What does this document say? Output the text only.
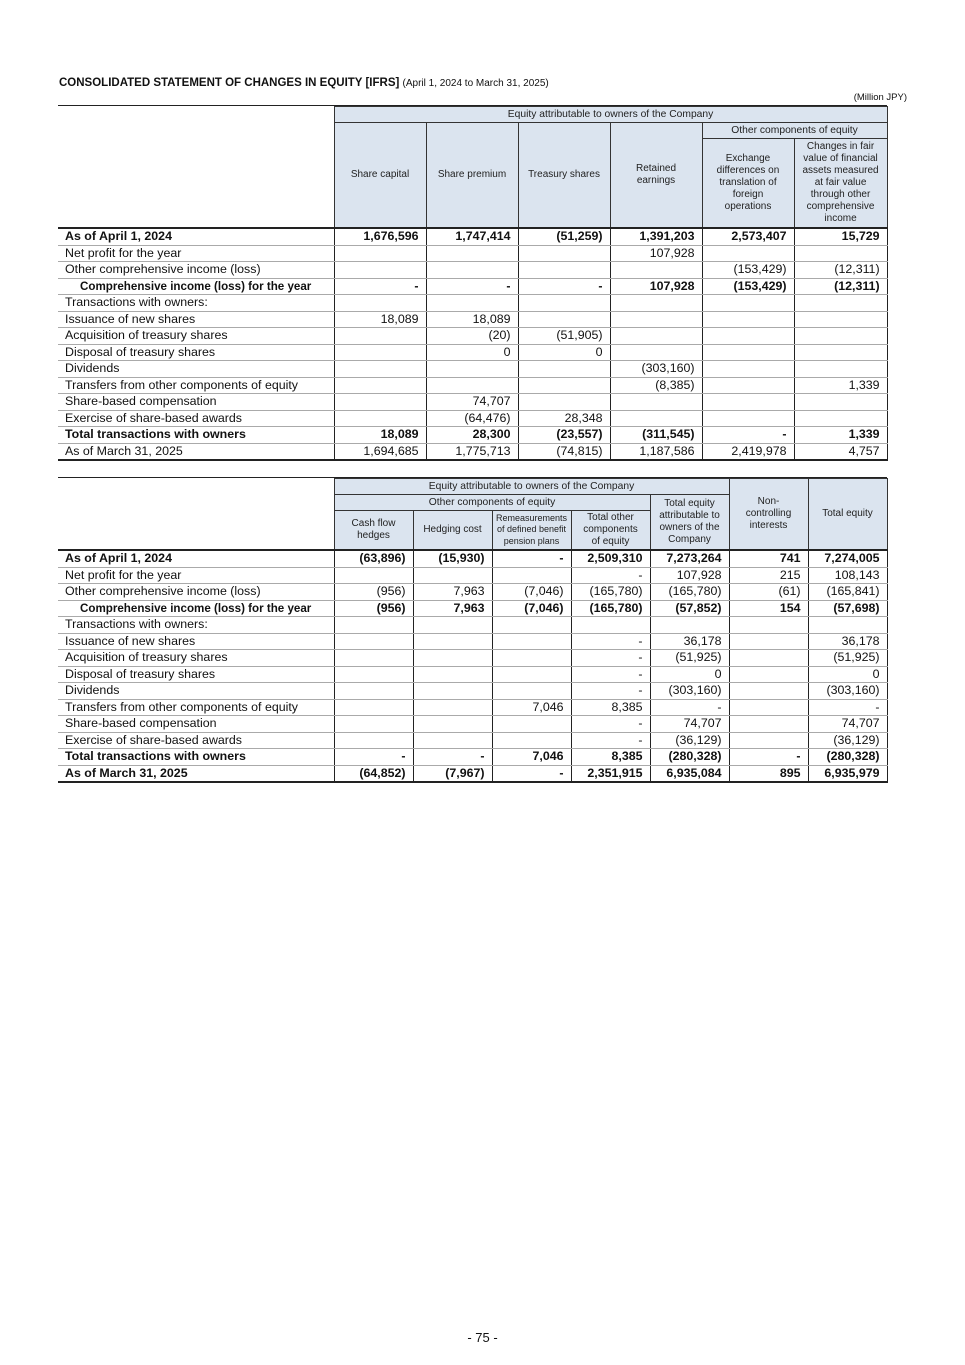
CONSOLIDATED STATEMENT OF CHANGES IN EQUITY [IFRS] (April 1, 2024 to March 31, 2025)
(Million JPY)
	Equity attributable to owners of the Company					
	Share capital	Share premium	Treasury shares	Retained earnings	Other components of equity	
					Exchange differences on translation of foreign operations	Changes in fair value of financial assets measured at fair value through other comprehensive income
As of April 1, 2024	1,676,596	1,747,414	(51,259)	1,391,203	2,573,407	15,729
Net profit for the year				107,928		
Other comprehensive income (loss)					(153,429)	(12,311)
Comprehensive income (loss) for the year	-	-	-	107,928	(153,429)	(12,311)
Transactions with owners:						
Issuance of new shares	18,089	18,089				
Acquisition of treasury shares		(20)	(51,905)			
Disposal of treasury shares		0	0			
Dividends				(303,160)		
Transfers from other components of equity				(8,385)		1,339
Share-based compensation		74,707				
Exercise of share-based awards		(64,476)	28,348			
Total transactions with owners	18,089	28,300	(23,557)	(311,545)	-	1,339
As of March 31, 2025	1,694,685	1,775,713	(74,815)	1,187,586	2,419,978	4,757
	Equity attributable to owners of the Company					Non-controlling interests	Total equity
	Other components of equity				Total equity attributable to owners of the Company		
	Cash flow hedges	Hedging cost	Remeasurements of defined benefit pension plans	Total other components of equity			
As of April 1, 2024	(63,896)	(15,930)	-	2,509,310	7,273,264	741	7,274,005
Net profit for the year				-	107,928	215	108,143
Other comprehensive income (loss)	(956)	7,963	(7,046)	(165,780)	(165,780)	(61)	(165,841)
Comprehensive income (loss) for the year	(956)	7,963	(7,046)	(165,780)	(57,852)	154	(57,698)
Transactions with owners:							
Issuance of new shares				-	36,178		36,178
Acquisition of treasury shares				-	(51,925)		(51,925)
Disposal of treasury shares				-	0		0
Dividends				-	(303,160)		(303,160)
Transfers from other components of equity			7,046	8,385	-		-
Share-based compensation				-	74,707		74,707
Exercise of share-based awards				-	(36,129)		(36,129)
Total transactions with owners	-	-	7,046	8,385	(280,328)	-	(280,328)
As of March 31, 2025	(64,852)	(7,967)	-	2,351,915	6,935,084	895	6,935,979
- 75 -
